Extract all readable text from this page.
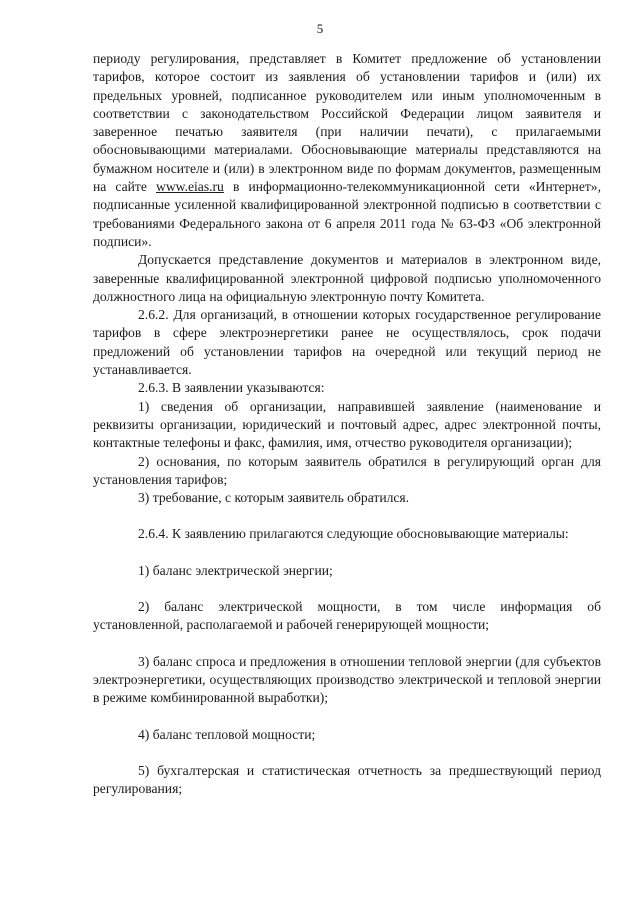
5

периоду регулирования, представляет в Комитет предложение об установлении тарифов, которое состоит из заявления об установлении тарифов и (или) их предельных уровней, подписанное руководителем или иным уполномоченным в соответствии с законодательством Российской Федерации лицом заявителя и заверенное печатью заявителя (при наличии печати), с прилагаемыми обосновывающими материалами. Обосновывающие материалы представляются на бумажном носителе и (или) в электронном виде по формам документов, размещенным на сайте www.eias.ru в информационно-телекоммуникационной сети «Интернет», подписанные усиленной квалифицированной электронной подписью в соответствии с требованиями Федерального закона от 6 апреля 2011 года № 63-ФЗ «Об электронной подписи».

Допускается представление документов и материалов в электронном виде, заверенные квалифицированной электронной цифровой подписью уполномоченного должностного лица на официальную электронную почту Комитета.

2.6.2. Для организаций, в отношении которых государственное регулирование тарифов в сфере электроэнергетики ранее не осуществлялось, срок подачи предложений об установлении тарифов на очередной или текущий период не устанавливается.

2.6.3. В заявлении указываются:

1) сведения об организации, направившей заявление (наименование и реквизиты организации, юридический и почтовый адрес, адрес электронной почты, контактные телефоны и факс, фамилия, имя, отчество руководителя организации);

2) основания, по которым заявитель обратился в регулирующий орган для установления тарифов;

3) требование, с которым заявитель обратился.

2.6.4. К заявлению прилагаются следующие обосновывающие материалы:

1) баланс электрической энергии;

2) баланс электрической мощности, в том числе информация об установленной, располагаемой и рабочей генерирующей мощности;

3) баланс спроса и предложения в отношении тепловой энергии (для субъектов электроэнергетики, осуществляющих производство электрической и тепловой энергии в режиме комбинированной выработки);

4) баланс тепловой мощности;

5) бухгалтерская и статистическая отчетность за предшествующий период регулирования;
